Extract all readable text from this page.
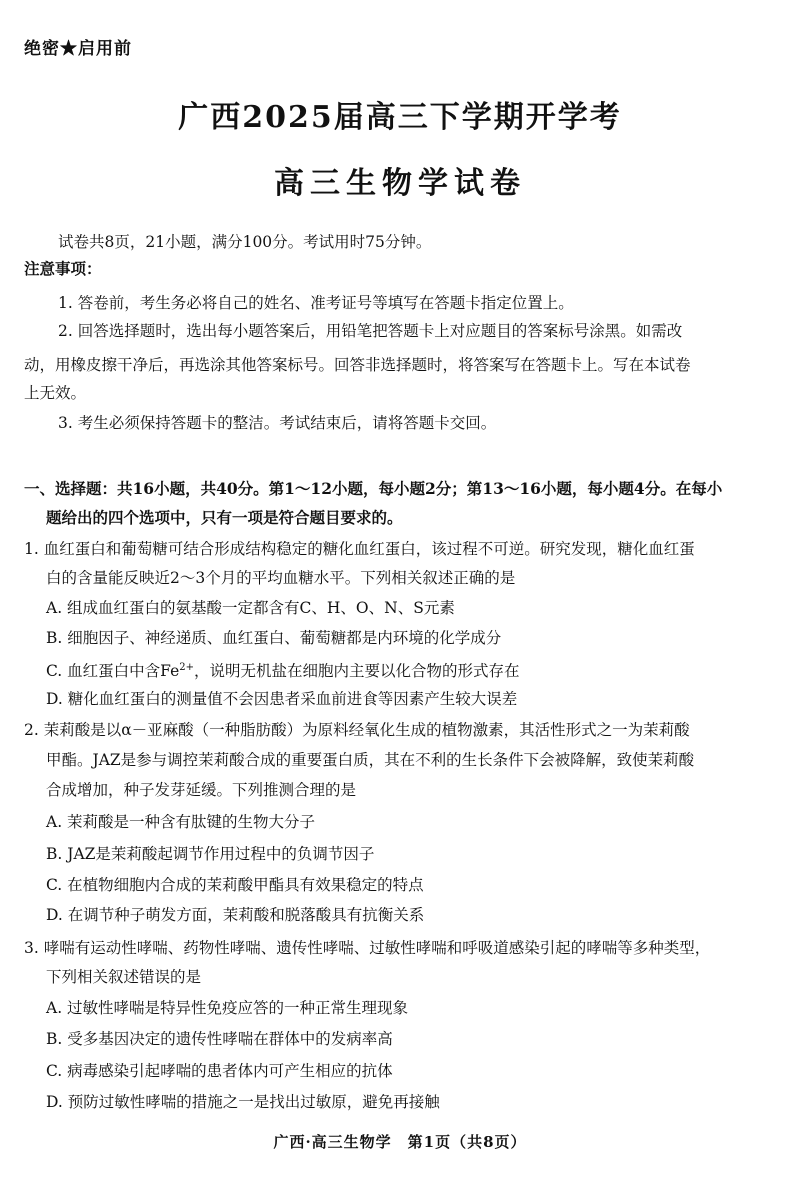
绝密★启用前
广西2025届高三下学期开学考
高三生物学试卷
试卷共8页，21小题，满分100分。考试用时75分钟。
注意事项：
1. 答卷前，考生务必将自己的姓名、准考证号等填写在答题卡指定位置上。
2. 回答选择题时，选出每小题答案后，用铅笔把答题卡上对应题目的答案标号涂黑。如需改
动，用橡皮擦干净后，再选涂其他答案标号。回答非选择题时，将答案写在答题卡上。写在本试卷
上无效。
3. 考生必须保持答题卡的整洁。考试结束后，请将答题卡交回。
一、选择题：共16小题，共40分。第1～12小题，每小题2分；第13～16小题，每小题4分。在每小
题给出的四个选项中，只有一项是符合题目要求的。
1. 血红蛋白和葡萄糖可结合形成结构稳定的糖化血红蛋白，该过程不可逆。研究发现，糖化血红蛋
白的含量能反映近2～3个月的平均血糖水平。下列相关叙述正确的是
A. 组成血红蛋白的氨基酸一定都含有C、H、O、N、S元素
B. 细胞因子、神经递质、血红蛋白、葡萄糖都是内环境的化学成分
C. 血红蛋白中含$Fe^{2+}$，说明无机盐在细胞内主要以化合物的形式存在
D. 糖化血红蛋白的测量值不会因患者采血前进食等因素产生较大误差
2. 茉莉酸是以α－亚麻酸（一种脂肪酸）为原料经氧化生成的植物激素，其活性形式之一为茉莉酸
甲酯。JAZ是参与调控茉莉酸合成的重要蛋白质，其在不利的生长条件下会被降解，致使茉莉酸
合成增加，种子发芽延缓。下列推测合理的是
A. 茉莉酸是一种含有肽键的生物大分子
B. JAZ是茉莉酸起调节作用过程中的负调节因子
C. 在植物细胞内合成的茉莉酸甲酯具有效果稳定的特点
D. 在调节种子萌发方面，茉莉酸和脱落酸具有抗衡关系
3. 哮喘有运动性哮喘、药物性哮喘、遗传性哮喘、过敏性哮喘和呼吸道感染引起的哮喘等多种类型，
下列相关叙述错误的是
A. 过敏性哮喘是特异性免疫应答的一种正常生理现象
B. 受多基因决定的遗传性哮喘在群体中的发病率高
C. 病毒感染引起哮喘的患者体内可产生相应的抗体
D. 预防过敏性哮喘的措施之一是找出过敏原，避免再接触
广西·高三生物学　第1页（共8页）
